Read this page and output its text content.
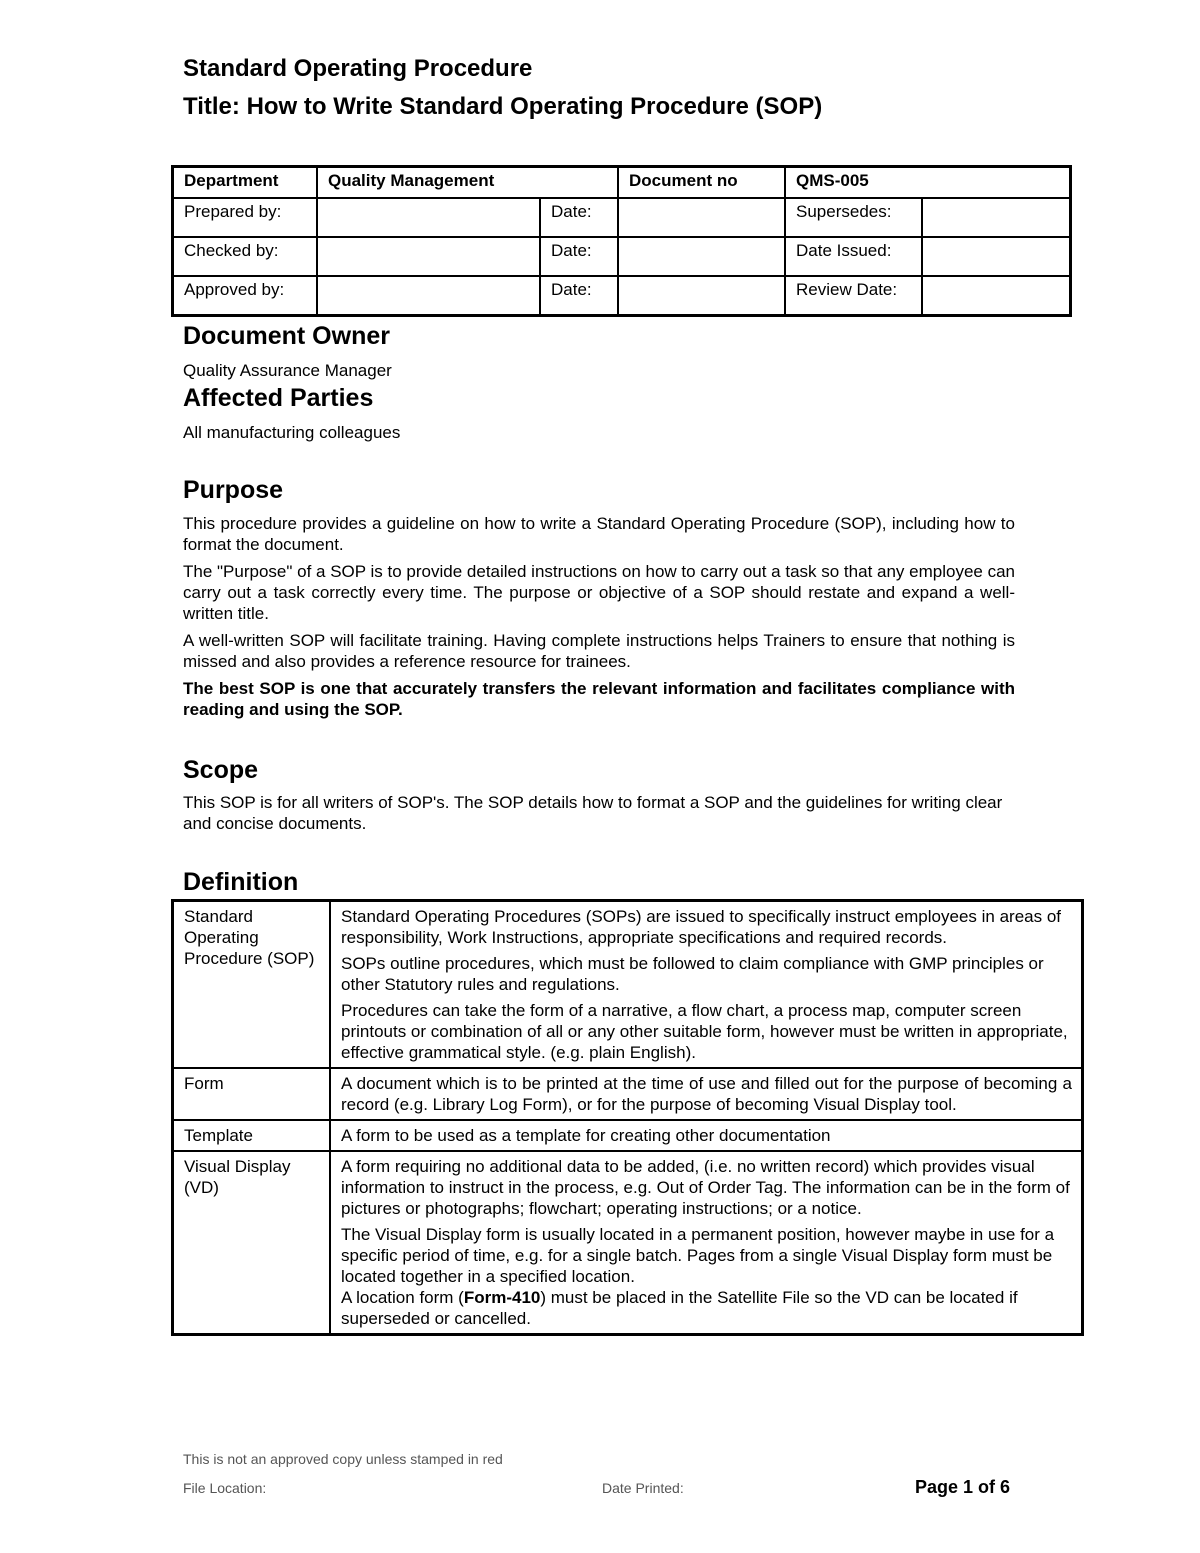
Standard Operating Procedure
Title: How to Write Standard Operating Procedure (SOP)
Department	Quality Management		Document no	QMS-005	
Prepared by:		Date:		Supersedes:	
Checked by:		Date:		Date Issued:	
Approved by:		Date:		Review Date:	
Document Owner
Quality Assurance Manager
Affected Parties
All manufacturing colleagues
Purpose

This procedure provides a guideline on how to write a Standard Operating Procedure (SOP), including how to format the document.

The "Purpose" of a SOP is to provide detailed instructions on how to carry out a task so that any employee can carry out a task correctly every time. The purpose or objective of a SOP should restate and expand a well-written title.

A well-written SOP will facilitate training. Having complete instructions helps Trainers to ensure that nothing is missed and also provides a reference resource for trainees.

The best SOP is one that accurately transfers the relevant information and facilitates compliance with reading and using the SOP.

Scope
This SOP is for all writers of SOP's. The SOP details how to format a SOP and the guidelines for writing clear and concise documents.
Definition
Standard Operating Procedure (SOP)	Standard Operating Procedures (SOPs) are issued to specifically instruct employees in areas of responsibility, Work Instructions, appropriate specifications and required records.

SOPs outline procedures, which must be followed to claim compliance with GMP principles or other Statutory rules and regulations.

Procedures can take the form of a narrative, a flow chart, a process map, computer screen printouts or combination of all or any other suitable form, however must be written in appropriate, effective grammatical style. (e.g. plain English).

Form	A document which is to be printed at the time of use and filled out for the purpose of becoming a record (e.g. Library Log Form), or for the purpose of becoming Visual Display tool.

Template	A form to be used as a template for creating other documentation

Visual Display (VD)	A form requiring no additional data to be added, (i.e. no written record) which provides visual information to instruct in the process, e.g. Out of Order Tag. The information can be in the form of pictures or photographs; flowchart; operating instructions; or a notice.

The Visual Display form is usually located in a permanent position, however maybe in use for a specific period of time, e.g. for a single batch. Pages from a single Visual Display form must be located together in a specified location.

A location form (Form-410) must be placed in the Satellite File so the VD can be located if superseded or cancelled.

This is not an approved copy unless stamped in red
File Location:	Date Printed:	Page 1 of 6
